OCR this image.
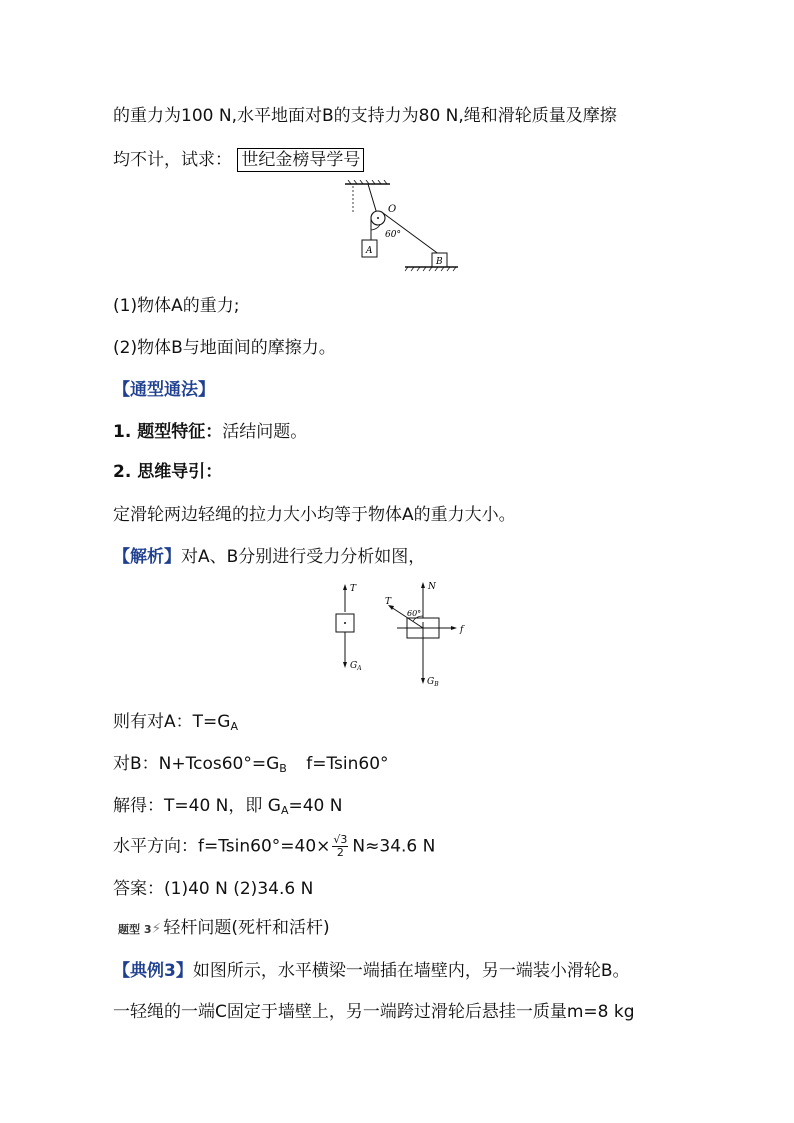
的重力为100 N,水平地面对B的支持力为80 N,绳和滑轮质量及摩擦
均不计，试求： 世纪金榜导学号
O
60°
A
B
(1)物体A的重力;
(2)物体B与地面间的摩擦力。
【通型通法】
1. 题型特征：活结问题。
2. 思维导引：
定滑轮两边轻绳的拉力大小均等于物体A的重力大小。
【解析】对A、B分别进行受力分析如图，
T
$G_A$
N
T
60°
f
$G_B$
则有对A：$T=G_A$
对B：$N+Tcos60^\circ=G_B$ f=Tsin60°
解得：T=40 N，即 $G_A=40$ N
水平方向：$f=Tsin60^\circ=40\times \frac{√3}{2} N\approx 34.6$ N
答案：(1)40 N (2)34.6 N
题型 3⚡ 轻杆问题(死杆和活杆)
【典例3】如图所示，水平横梁一端插在墙壁内，另一端装小滑轮B。
一轻绳的一端C固定于墙壁上，另一端跨过滑轮后悬挂一质量m=8 kg
